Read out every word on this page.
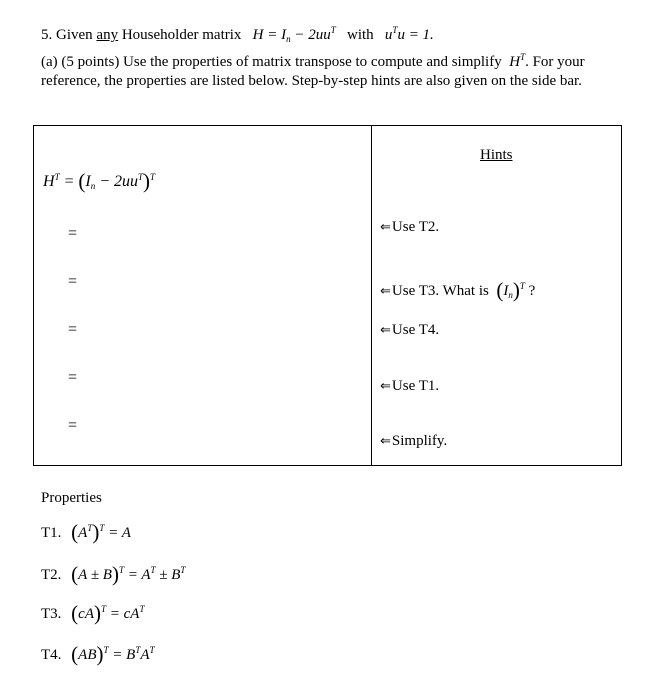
5. Given any Householder matrix $H = I_n - 2uu^T$ with $u^Tu = 1$.
(a) (5 points) Use the properties of matrix transpose to compute and simplify $H^T$. For your reference, the properties are listed below. Step-by-step hints are also given on the side bar.
Hints
$H^T = (I_n - 2uu^T)^T$
=
=
=
=
=
⇐Use T2.
⇐Use T3. What is $(I_n)^T$ ?
⇐Use T4.
⇐Use T1.
⇐Simplify.
Properties
T1. $(A^T)^T = A$
T2. $(A \pm B)^T = A^T \pm B^T$
T3. $(cA)^T = cA^T$
T4. $(AB)^T = B^TA^T$
